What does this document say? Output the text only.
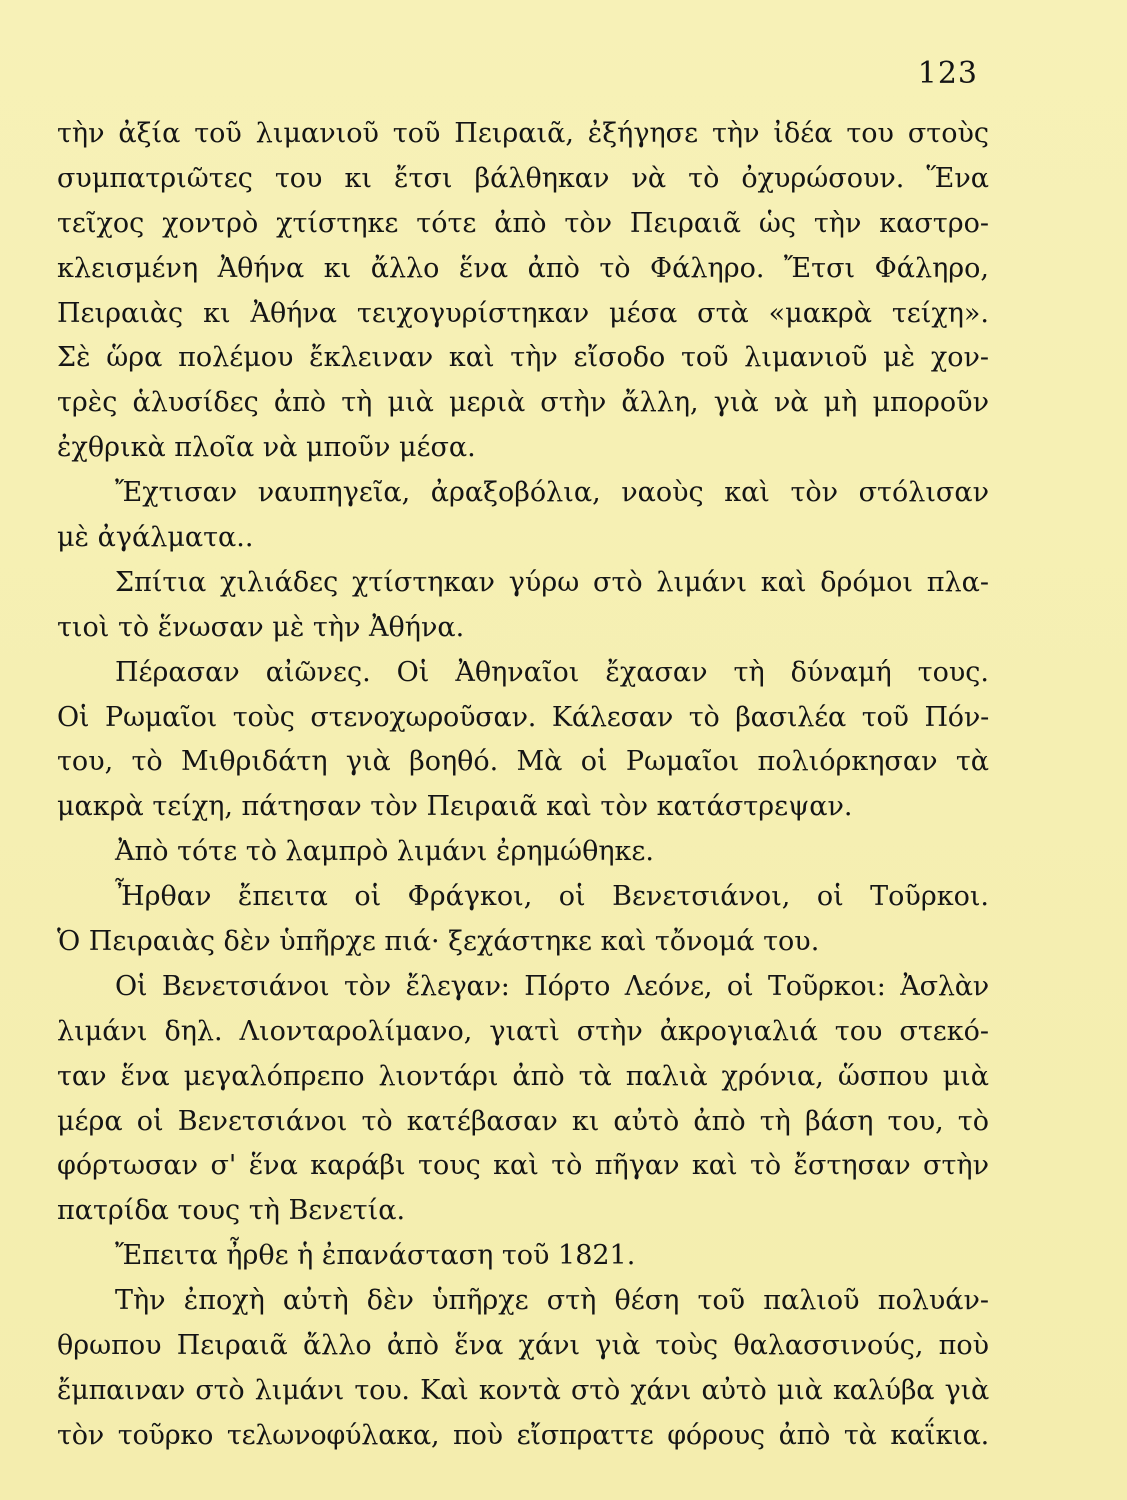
123
τὴν ἀξία τοῦ λιμανιοῦ τοῦ Πειραιᾶ, ἐξήγησε τὴν ἰδέα του στοὺς
συμπατριῶτες του κι ἔτσι βάλθηκαν νὰ τὸ ὀχυρώσουν. Ἕνα
τεῖχος χοντρὸ χτίστηκε τότε ἀπὸ τὸν Πειραιᾶ ὡς τὴν καστρο-
κλεισμένη Ἀθήνα κι ἄλλο ἕνα ἀπὸ τὸ Φάληρο. Ἔτσι Φάληρο,
Πειραιὰς κι Ἀθήνα τειχογυρίστηκαν μέσα στὰ «μακρὰ τείχη».
Σὲ ὥρα πολέμου ἔκλειναν καὶ τὴν εἴσοδο τοῦ λιμανιοῦ μὲ χον-
τρὲς ἁλυσίδες ἀπὸ τὴ μιὰ μεριὰ στὴν ἄλλη, γιὰ νὰ μὴ μποροῦν
ἐχθρικὰ πλοῖα νὰ μποῦν μέσα.
Ἔχτισαν ναυπηγεῖα, ἀραξοβόλια, ναοὺς καὶ τὸν στόλισαν
μὲ ἀγάλματα..
Σπίτια χιλιάδες χτίστηκαν γύρω στὸ λιμάνι καὶ δρόμοι πλα-
τιοὶ τὸ ἕνωσαν μὲ τὴν Ἀθήνα.
Πέρασαν αἰῶνες. Οἱ Ἀθηναῖοι ἔχασαν τὴ δύναμή τους.
Οἱ Ρωμαῖοι τοὺς στενοχωροῦσαν. Κάλεσαν τὸ βασιλέα τοῦ Πόν-
του, τὸ Μιθριδάτη γιὰ βοηθό. Μὰ οἱ Ρωμαῖοι πολιόρκησαν τὰ
μακρὰ τείχη, πάτησαν τὸν Πειραιᾶ καὶ τὸν κατάστρεψαν.
Ἀπὸ τότε τὸ λαμπρὸ λιμάνι ἐρημώθηκε.
Ἦρθαν ἔπειτα οἱ Φράγκοι, οἱ Βενετσιάνοι, οἱ Τοῦρκοι.
Ὁ Πειραιὰς δὲν ὑπῆρχε πιά· ξεχάστηκε καὶ τὄνομά του.
Οἱ Βενετσιάνοι τὸν ἔλεγαν: Πόρτο Λεόνε, οἱ Τοῦρκοι: Ἀσλὰν
λιμάνι δηλ. Λιονταρολίμανο, γιατὶ στὴν ἀκρογιαλιά του στεκό-
ταν ἕνα μεγαλόπρεπο λιοντάρι ἀπὸ τὰ παλιὰ χρόνια, ὥσπου μιὰ
μέρα οἱ Βενετσιάνοι τὸ κατέβασαν κι αὐτὸ ἀπὸ τὴ βάση του, τὸ
φόρτωσαν σ' ἕνα καράβι τους καὶ τὸ πῆγαν καὶ τὸ ἔστησαν στὴν
πατρίδα τους τὴ Βενετία.
Ἔπειτα ἦρθε ἡ ἐπανάσταση τοῦ 1821.
Τὴν ἐποχὴ αὐτὴ δὲν ὑπῆρχε στὴ θέση τοῦ παλιοῦ πολυάν-
θρωπου Πειραιᾶ ἄλλο ἀπὸ ἕνα χάνι γιὰ τοὺς θαλασσινούς, ποὺ
ἔμπαιναν στὸ λιμάνι του. Καὶ κοντὰ στὸ χάνι αὐτὸ μιὰ καλύβα γιὰ
τὸν τοῦρκο τελωνοφύλακα, ποὺ εἴσπραττε φόρους ἀπὸ τὰ καΐκια.
